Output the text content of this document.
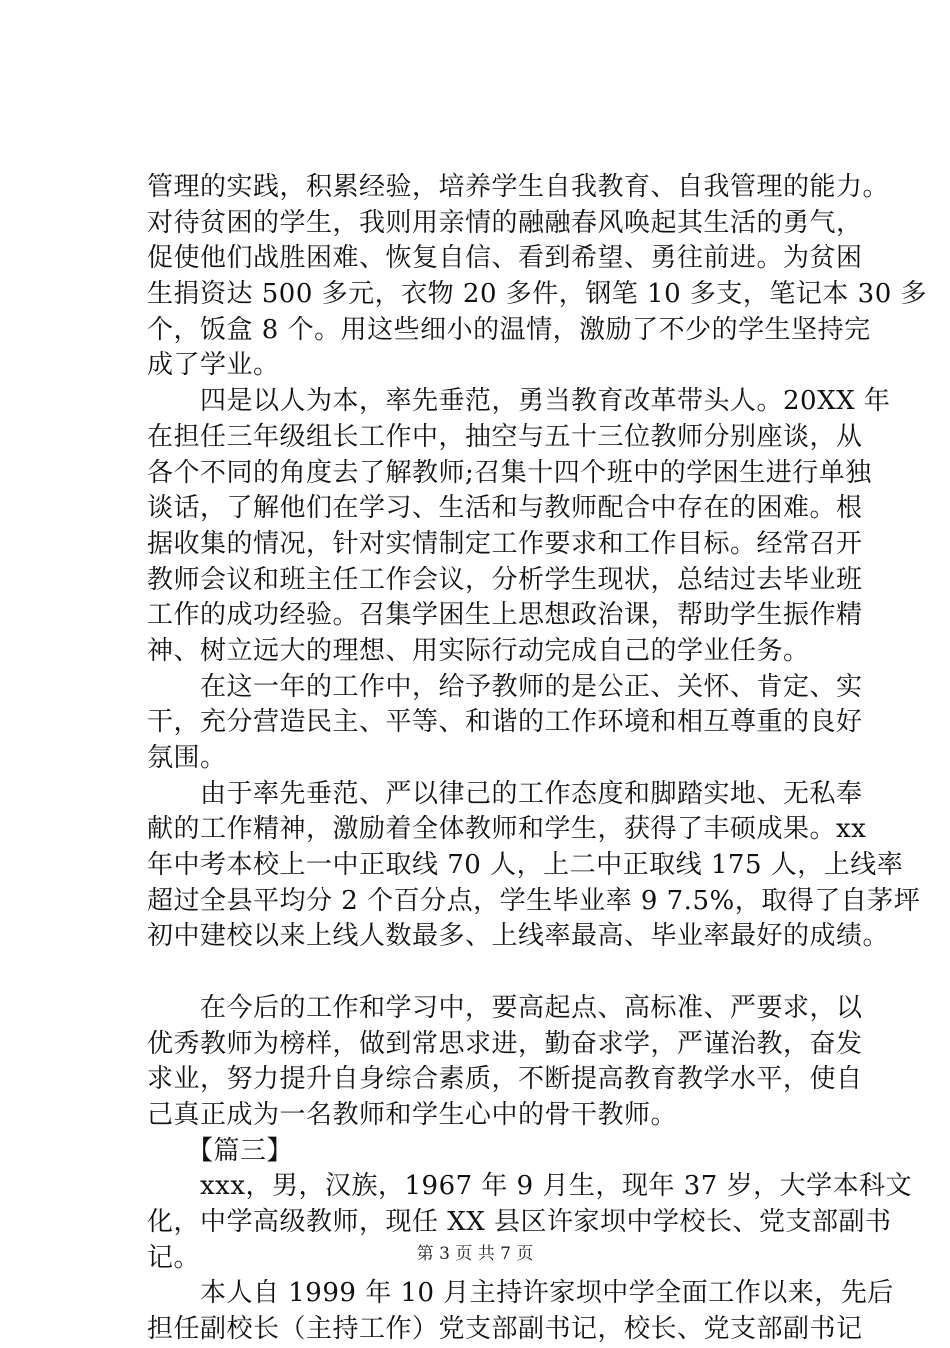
管理的实践，积累经验，培养学生自我教育、自我管理的能力。
对待贫困的学生，我则用亲情的融融春风唤起其生活的勇气，
促使他们战胜困难、恢复自信、看到希望、勇往前进。为贫困
生捐资达 500 多元，衣物 20 多件，钢笔 10 多支，笔记本 30 多
个，饭盒 8 个。用这些细小的温情，激励了不少的学生坚持完
成了学业。
　　四是以人为本，率先垂范，勇当教育改革带头人。20XX 年
在担任三年级组长工作中，抽空与五十三位教师分别座谈，从
各个不同的角度去了解教师;召集十四个班中的学困生进行单独
谈话，了解他们在学习、生活和与教师配合中存在的困难。根
据收集的情况，针对实情制定工作要求和工作目标。经常召开
教师会议和班主任工作会议，分析学生现状，总结过去毕业班
工作的成功经验。召集学困生上思想政治课，帮助学生振作精
神、树立远大的理想、用实际行动完成自己的学业任务。
　　在这一年的工作中，给予教师的是公正、关怀、肯定、实
干，充分营造民主、平等、和谐的工作环境和相互尊重的良好
氛围。
　　由于率先垂范、严以律己的工作态度和脚踏实地、无私奉
献的工作精神，激励着全体教师和学生，获得了丰硕成果。xx
年中考本校上一中正取线 70 人，上二中正取线 175 人，上线率
超过全县平均分 2 个百分点，学生毕业率 9 7.5%，取得了自茅坪
初中建校以来上线人数最多、上线率最高、毕业率最好的成绩。
　　在今后的工作和学习中，要高起点、高标准、严要求，以
优秀教师为榜样，做到常思求进，勤奋求学，严谨治教，奋发
求业，努力提升自身综合素质，不断提高教育教学水平，使自
己真正成为一名教师和学生心中的骨干教师。
　　【篇三】
　　xxx，男，汉族，1967 年 9 月生，现年 37 岁，大学本科文
化，中学高级教师，现任 XX 县区许家坝中学校长、党支部副书
记。
　　本人自 1999 年 10 月主持许家坝中学全面工作以来，先后
担任副校长（主持工作）党支部副书记，校长、党支部副书记
第 3 页 共 7 页
